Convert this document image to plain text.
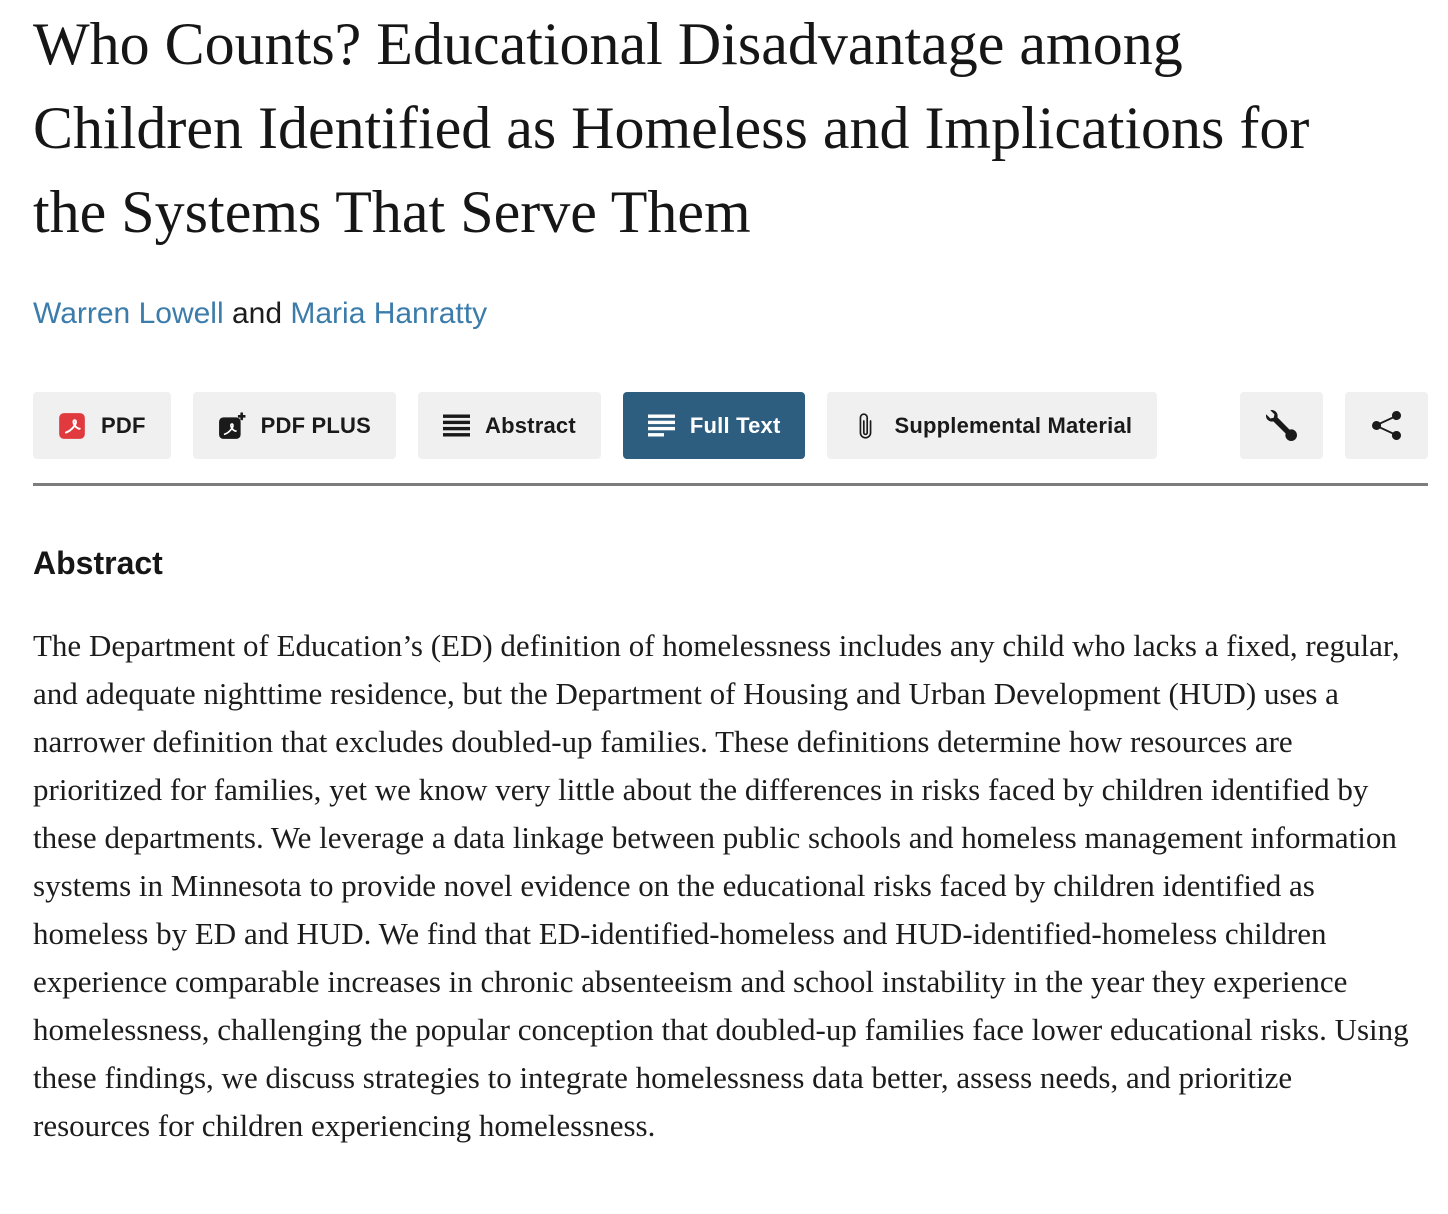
Who Counts? Educational Disadvantage among Children Identified as Homeless and Implications for the Systems That Serve Them

Warren Lowell and Maria Hanratty

PDF	PDF PLUS	Abstract	Full Text	Supplemental Material
Abstract

The Department of Education’s (ED) definition of homelessness includes any child who lacks a fixed, regular, and adequate nighttime residence, but the Department of Housing and Urban Development (HUD) uses a narrower definition that excludes doubled-up families. These definitions determine how resources are prioritized for families, yet we know very little about the differences in risks faced by children identified by these departments. We leverage a data linkage between public schools and homeless management information systems in Minnesota to provide novel evidence on the educational risks faced by children identified as homeless by ED and HUD. We find that ED-identified-homeless and HUD-identified-homeless children experience comparable increases in chronic absenteeism and school instability in the year they experience homelessness, challenging the popular conception that doubled-up families face lower educational risks. Using these findings, we discuss strategies to integrate homelessness data better, assess needs, and prioritize resources for children experiencing homelessness.
